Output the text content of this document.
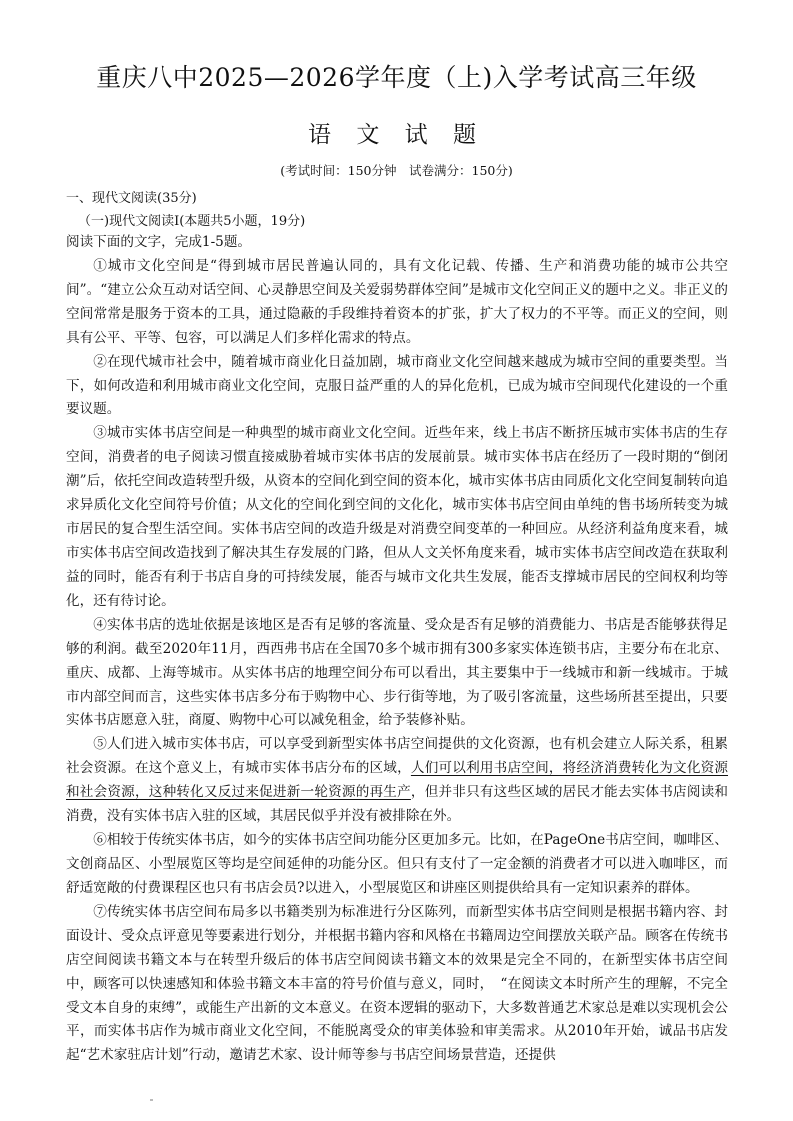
重庆八中2025—2026学年度（上)入学考试高三年级
语 文 试 题
(考试时间：150分钟　试卷满分：150分)
一、现代文阅读(35分)
（一)现代文阅读Ⅰ(本题共5小题，19分)

阅读下面的文字，完成1-5题。

①城市文化空间是“得到城市居民普遍认同的，具有文化记载、传播、生产和消费功能的城市公共空间”。“建立公众互动对话空间、心灵静思空间及关爱弱势群体空间”是城市文化空间正义的题中之义。非正义的空间常常是服务于资本的工具，通过隐蔽的手段维持着资本的扩张，扩大了权力的不平等。而正义的空间，则具有公平、平等、包容，可以满足人们多样化需求的特点。

②在现代城市社会中，随着城市商业化日益加剧，城市商业文化空间越来越成为城市空间的重要类型。当下，如何改造和利用城市商业文化空间，克服日益严重的人的异化危机，已成为城市空间现代化建设的一个重要议题。

③城市实体书店空间是一种典型的城市商业文化空间。近些年来，线上书店不断挤压城市实体书店的生存空间，消费者的电子阅读习惯直接威胁着城市实体书店的发展前景。城市实体书店在经历了一段时期的“倒闭潮”后，依托空间改造转型升级，从资本的空间化到空间的资本化，城市实体书店由同质化文化空间复制转向追求异质化文化空间符号价值；从文化的空间化到空间的文化化，城市实体书店空间由单纯的售书场所转变为城市居民的复合型生活空间。实体书店空间的改造升级是对消费空间变革的一种回应。从经济利益角度来看，城市实体书店空间改造找到了解决其生存发展的门路，但从人文关怀角度来看，城市实体书店空间改造在获取利益的同时，能否有利于书店自身的可持续发展，能否与城市文化共生发展，能否支撑城市居民的空间权利均等化，还有待讨论。

④实体书店的选址依据是该地区是否有足够的客流量、受众是否有足够的消费能力、书店是否能够获得足够的利润。截至2020年11月，西西弗书店在全国70多个城市拥有300多家实体连锁书店，主要分布在北京、重庆、成都、上海等城市。从实体书店的地理空间分布可以看出，其主要集中于一线城市和新一线城市。于城市内部空间而言，这些实体书店多分布于购物中心、步行街等地，为了吸引客流量，这些场所甚至提出，只要实体书店愿意入驻，商厦、购物中心可以减免租金，给予装修补贴。

⑤人们进入城市实体书店，可以享受到新型实体书店空间提供的文化资源，也有机会建立人际关系，租累社会资源。在这个意义上，有城市实体书店分布的区域，人们可以利用书店空间，将经济消费转化为文化资源和社会资源，这种转化又反过来促进新一轮资源的再生产，但并非只有这些区域的居民才能去实体书店阅读和消费，没有实体书店入驻的区域，其居民似乎并没有被排除在外。

⑥相较于传统实体书店，如今的实体书店空间功能分区更加多元。比如，在PageOne书店空间，咖啡区、文创商品区、小型展览区等均是空间延伸的功能分区。但只有支付了一定金额的消费者才可以进入咖啡区，而舒适宽敞的付费课程区也只有书店会员?以进入，小型展览区和讲座区则提供给具有一定知识素养的群体。

⑦传统实体书店空间布局多以书籍类别为标准进行分区陈列，而新型实体书店空间则是根据书籍内容、封面设计、受众点评意见等要素进行划分，并根据书籍内容和风格在书籍周边空间摆放关联产品。顾客在传统书店空间阅读书籍文本与在转型升级后的体书店空间阅读书籍文本的效果是完全不同的，在新型实体书店空间中，顾客可以快速感知和体验书籍文本丰富的符号价值与意义，同时，　“在阅读文本时所产生的理解，不完全受文本自身的束缚”，或能生产出新的文本意义。在资本逻辑的驱动下，大多数普通艺术家总是难以实现机会公平，而实体书店作为城市商业文化空间，不能脱离受众的审美体验和审美需求。从2010年开始，诚品书店发起“艺术家驻店计划”行动，邀请艺术家、设计师等参与书店空间场景营造，还提供
